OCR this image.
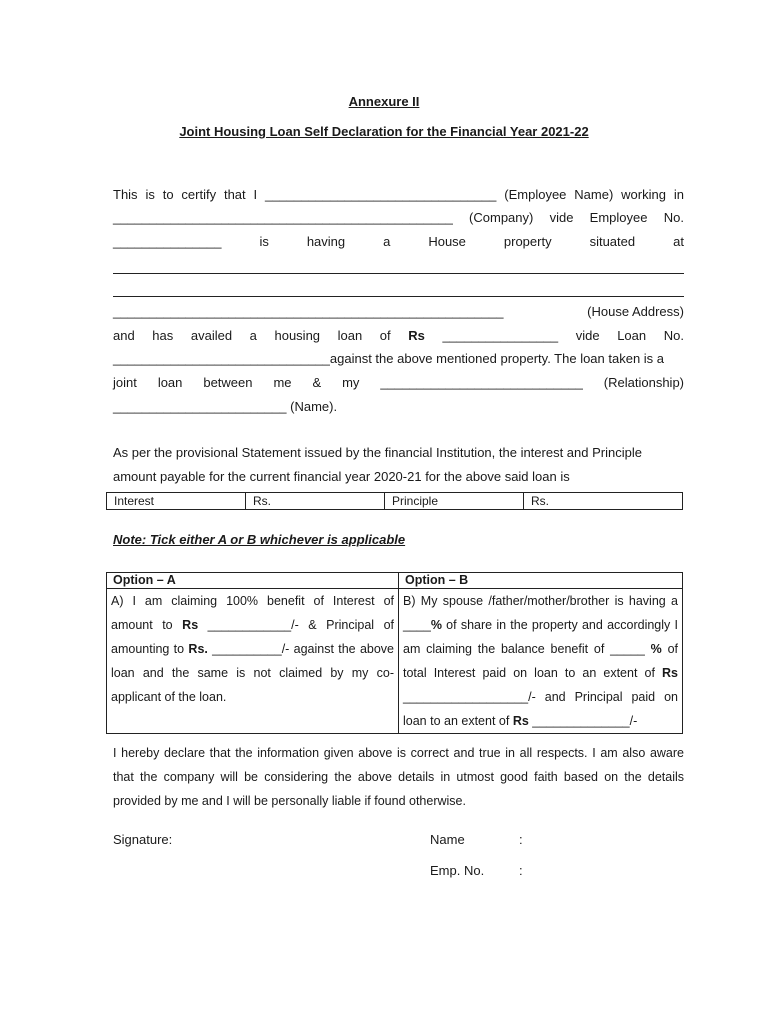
Annexure II
Joint Housing Loan Self Declaration for the Financial Year 2021-22
This is to certify that I ________________________________ (Employee Name) working in
_______________________________________________ (Company) vide Employee No.
_______________	is	having	a	House	property	situated	at
______________________________________________________	(House Address)
and has availed a housing loan of Rs ________________ vide Loan No.
______________________________against the above mentioned property. The loan taken is a
joint loan between me & my ____________________________ (Relationship)
________________________ (Name).
As per the provisional Statement issued by the financial Institution, the interest and Principle
amount payable for the current financial year 2020-21 for the above said loan is
Interest	Rs.	Principle	Rs.
Note: Tick either A or B whichever is applicable
Option – A	Option – B

A) I am claiming 100% benefit of Interest of amount to Rs ____________/- & Principal of amounting to Rs. __________/- against the above loan and the same is not claimed by my co-applicant of the loan.	B) My spouse /father/mother/brother is having a ____% of share in the property and accordingly I am claiming the balance benefit of _____ % of total Interest paid on loan to an extent of Rs __________________/- and Principal paid on loan to an extent of Rs ______________/-
I hereby declare that the information given above is correct and true in all respects. I am also aware that the company will be considering the above details in utmost good faith based on the details provided by me and I will be personally liable if found otherwise.
Signature:	Name	:
Emp. No.	:
